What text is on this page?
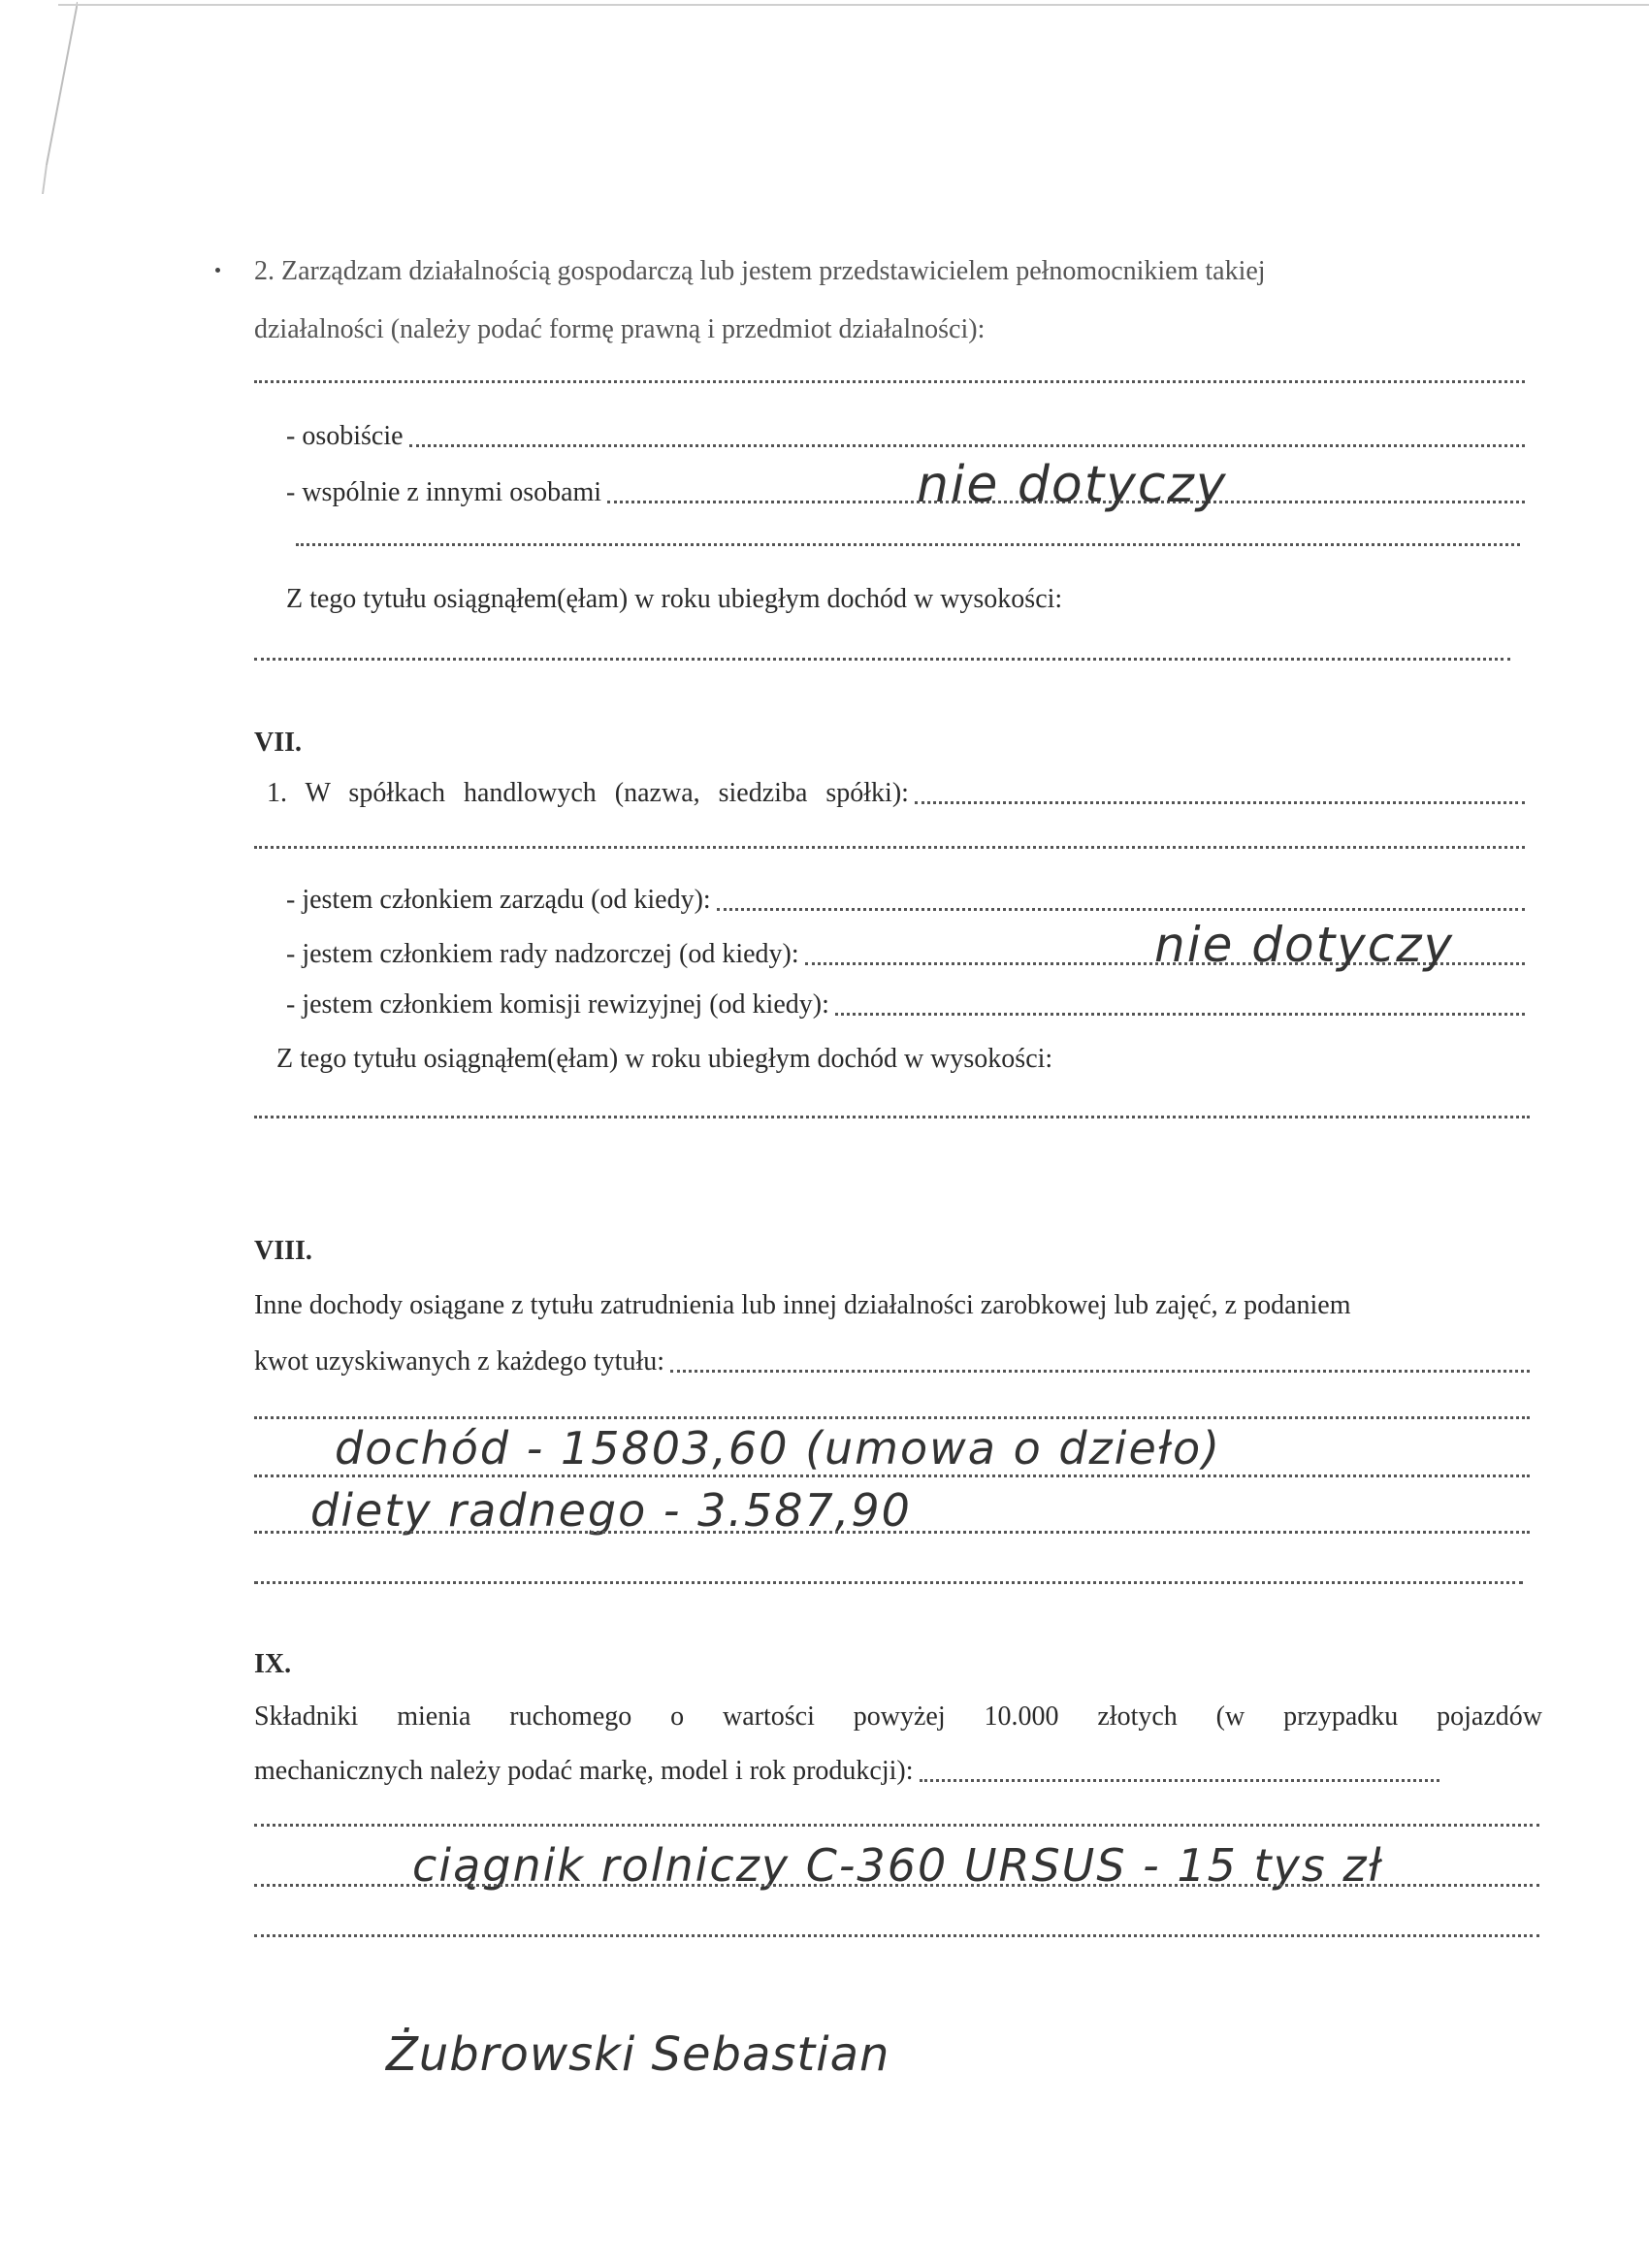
2. Zarządzam działalnością gospodarczą lub jestem przedstawicielem pełnomocnikiem takiej
działalności (należy podać formę prawną i przedmiot działalności):
- osobiście
- wspólnie z innymi osobami	nie dotyczy
Z tego tytułu osiągnąłem(ęłam) w roku ubiegłym dochód w wysokości:
VII.
1. W spółkach handlowych (nazwa, siedziba spółki):
- jestem członkiem zarządu (od kiedy):
- jestem członkiem rady nadzorczej (od kiedy):	nie dotyczy
- jestem członkiem komisji rewizyjnej (od kiedy):
Z tego tytułu osiągnąłem(ęłam) w roku ubiegłym dochód w wysokości:
VIII.
Inne dochody osiągane z tytułu zatrudnienia lub innej działalności zarobkowej lub zajęć, z podaniem
kwot uzyskiwanych z każdego tytułu:
dochód - 15803,60 (umowa o dzieło)
diety radnego - 3.587,90
IX.
Składniki mienia ruchomego o wartości powyżej 10.000 złotych (w przypadku pojazdów
mechanicznych należy podać markę, model i rok produkcji):
ciągnik rolniczy C-360 URSUS - 15 tys zł
Żubrowski Sebastian
